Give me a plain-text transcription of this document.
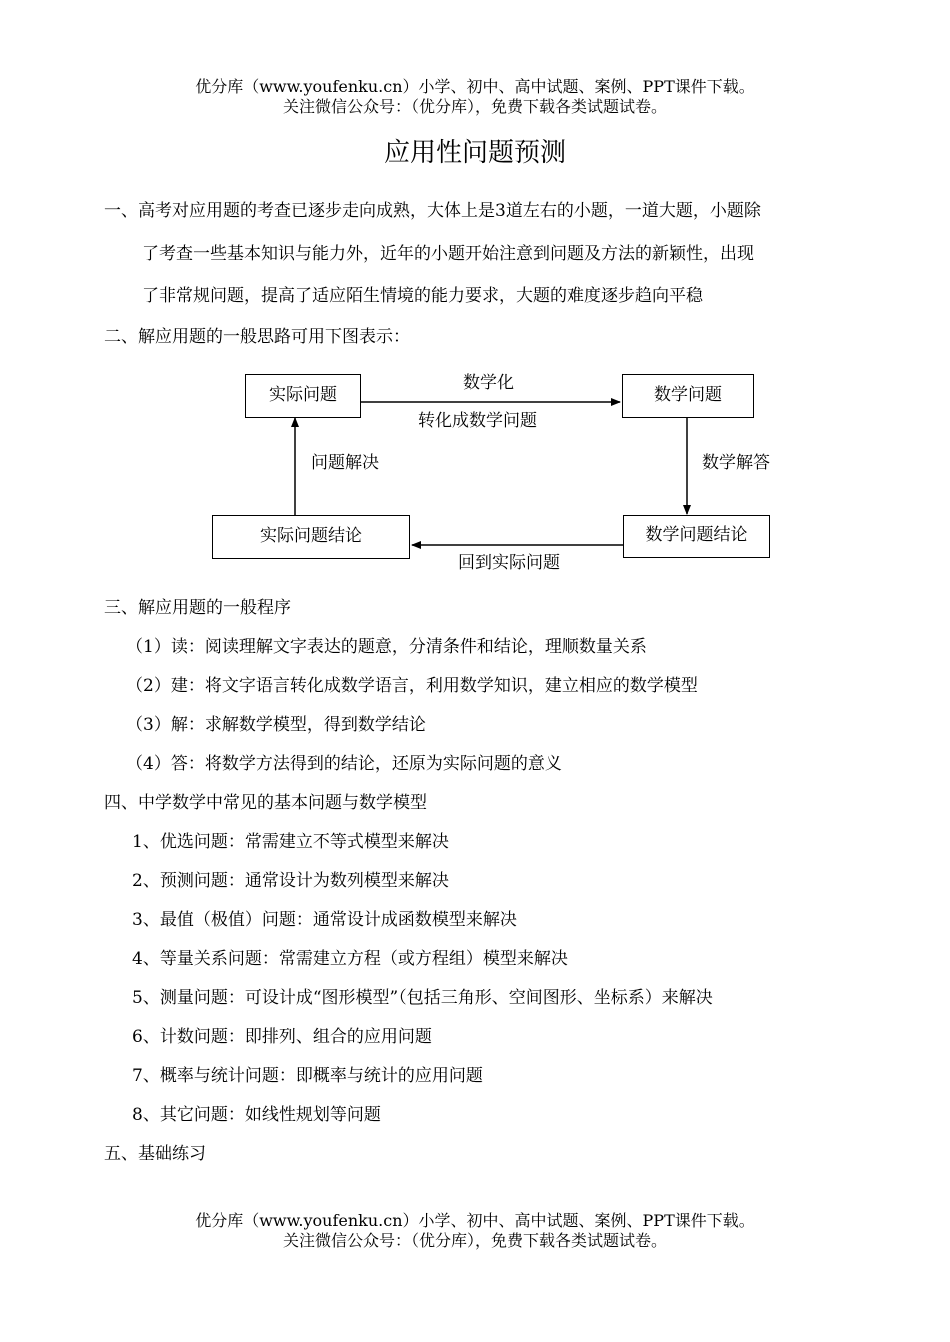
优分库（www.youfenku.cn）小学、初中、高中试题、案例、PPT课件下载。
关注微信公众号：（优分库），免费下载各类试题试卷。
应用性问题预测
一、高考对应用题的考查已逐步走向成熟，大体上是3道左右的小题，一道大题，小题除
了考查一些基本知识与能力外，近年的小题开始注意到问题及方法的新颖性，出现
了非常规问题，提高了适应陌生情境的能力要求，大题的难度逐步趋向平稳
二、解应用题的一般思路可用下图表示：
实际问题	数学问题
数学问题结论
实际问题结论
数学化
转化成数学问题
数学解答
回到实际问题
问题解决
三、解应用题的一般程序
（1）读：阅读理解文字表达的题意，分清条件和结论，理顺数量关系
（2）建：将文字语言转化成数学语言，利用数学知识，建立相应的数学模型
（3）解：求解数学模型，得到数学结论
（4）答：将数学方法得到的结论，还原为实际问题的意义
四、中学数学中常见的基本问题与数学模型
1、优选问题：常需建立不等式模型来解决
2、预测问题：通常设计为数列模型来解决
3、最值（极值）问题：通常设计成函数模型来解决
4、等量关系问题：常需建立方程（或方程组）模型来解决
5、测量问题：可设计成“图形模型”（包括三角形、空间图形、坐标系）来解决
6、计数问题：即排列、组合的应用问题
7、概率与统计问题：即概率与统计的应用问题
8、其它问题：如线性规划等问题
五、基础练习
优分库（www.youfenku.cn）小学、初中、高中试题、案例、PPT课件下载。
关注微信公众号：（优分库），免费下载各类试题试卷。
